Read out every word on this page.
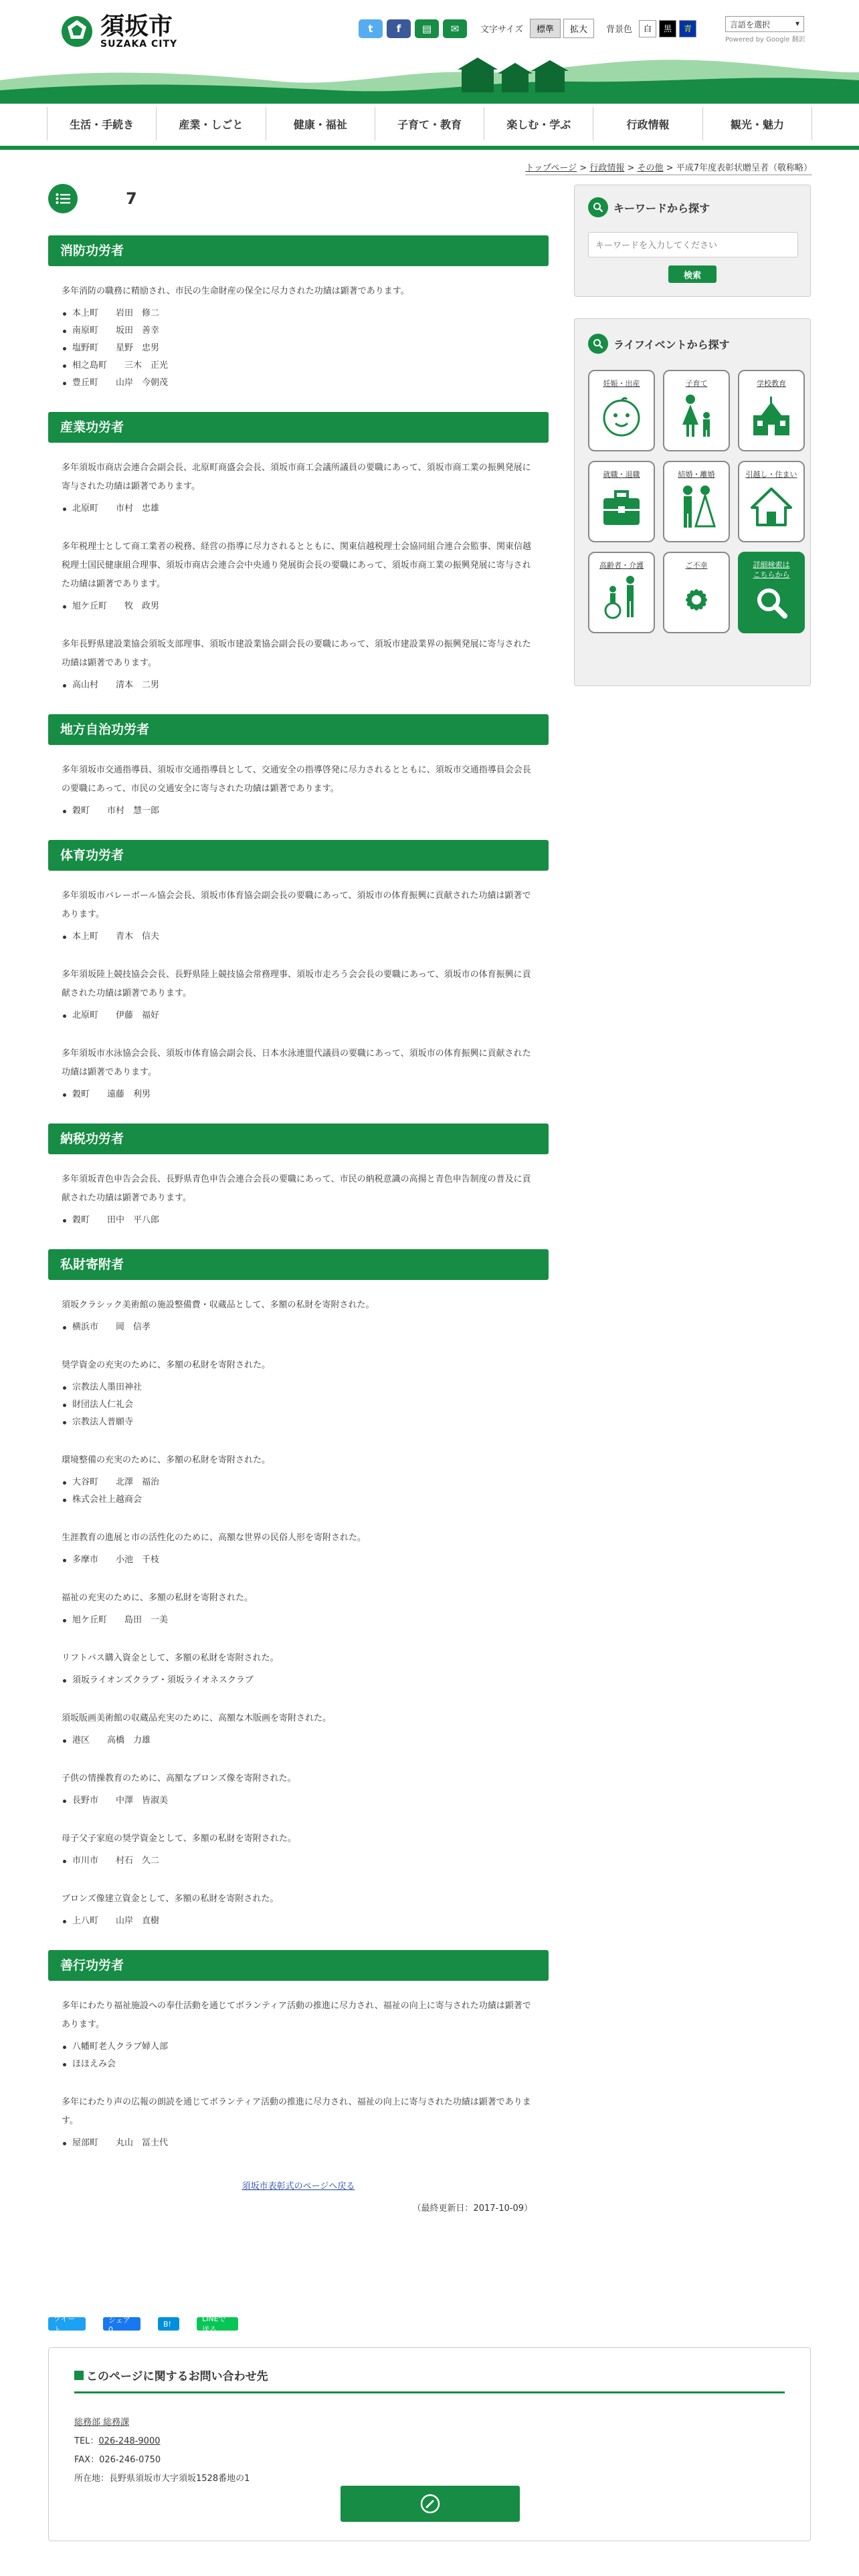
須坂市
SUZAKA CITY
t	f	▤	✉	文字サイズ	標準	拡大	背景色	白	黒	青	言語を選択	▾
Powered by Google 翻訳
生活・手続き	産業・しごと	健康・福祉	子育て・教育	楽しむ・学ぶ	行政情報	観光・魅力
トップページ > 行政情報 > その他 > 平成7年度表彰状贈呈者（敬称略）
7
消防功労者

多年消防の職務に精励され、市民の生命財産の保全に尽力された功績は顕著であります。

本上町　　岩田　修二
南原町　　坂田　善幸
塩野町　　星野　忠男
相之島町　　三木　正光
豊丘町　　山岸　今朝茂
産業功労者

多年須坂市商店会連合会副会長、北原町商盛会会長、須坂市商工会議所議員の要職にあって、須坂市商工業の振興発展に寄与された功績は顕著であります。

北原町　　市村　忠雄

多年税理士として商工業者の税務、経営の指導に尽力されるとともに、関東信越税理士会協同組合連合会監事、関東信越税理士国民健康組合理事、須坂市商店会連合会中央通り発展街会長の要職にあって、須坂市商工業の振興発展に寄与された功績は顕著であります。

旭ケ丘町　　牧　政男

多年長野県建設業協会須坂支部理事、須坂市建設業協会副会長の要職にあって、須坂市建設業界の振興発展に寄与された功績は顕著であります。

高山村　　清本　二男
地方自治功労者

多年須坂市交通指導員、須坂市交通指導員として、交通安全の指導啓発に尽力されるとともに、須坂市交通指導員会会長の要職にあって、市民の交通安全に寄与された功績は顕著であります。

穀町　　市村　慧一郎
体育功労者

多年須坂市バレーボール協会会長、須坂市体育協会副会長の要職にあって、須坂市の体育振興に貢献された功績は顕著であります。

本上町　　青木　信夫

多年須坂陸上競技協会会長、長野県陸上競技協会常務理事、須坂市走ろう会会長の要職にあって、須坂市の体育振興に貢献された功績は顕著であります。

北原町　　伊藤　福好

多年須坂市水泳協会会長、須坂市体育協会副会長、日本水泳連盟代議員の要職にあって、須坂市の体育振興に貢献された功績は顕著であります。

穀町　　遠藤　利男
納税功労者

多年須坂青色申告会会長、長野県青色申告会連合会長の要職にあって、市民の納税意識の高揚と青色申告制度の普及に貢献された功績は顕著であります。

穀町　　田中　平八郎
私財寄附者

須坂クラシック美術館の施設整備費・収蔵品として、多額の私財を寄附された。

横浜市　　岡　信孝

奨学資金の充実のために、多額の私財を寄附された。

宗教法人墨田神社
財団法人仁礼会
宗教法人普願寺

環境整備の充実のために、多額の私財を寄附された。

大谷町　　北澤　福治
株式会社上越商会

生涯教育の進展と市の活性化のために、高額な世界の民俗人形を寄附された。

多摩市　　小池　千枝

福祉の充実のために、多額の私財を寄附された。

旭ケ丘町　　島田　一美

リフトバス購入資金として、多額の私財を寄附された。

須坂ライオンズクラブ・須坂ライオネスクラブ

須坂版画美術館の収蔵品充実のために、高額な木版画を寄附された。

港区　　高橋　力雄

子供の情操教育のために、高額なブロンズ像を寄附された。

長野市　　中澤　皆淑美

母子父子家庭の奨学資金として、多額の私財を寄附された。

市川市　　村石　久二

ブロンズ像建立資金として、多額の私財を寄附された。

上八町　　山岸　直樹
善行功労者

多年にわたり福祉施設への奉仕活動を通じてボランティア活動の推進に尽力され、福祉の向上に寄与された功績は顕著であります。

八幡町老人クラブ婦人部
ほほえみ会

多年にわたり声の広報の朗読を通じてボランティア活動の推進に尽力され、福祉の向上に寄与された功績は顕著であります。

屋部町　　丸山　冨士代
須坂市表彰式のページへ戻る
（最終更新日：2017-10-09）
キーワードから探す
キーワードを入力してください
検索
ライフイベントから探す
妊娠・出産	子育て	学校教育
就職・退職	結婚・離婚	引越し・住まい
高齢者・介護	ご不幸	詳細検索は
こちらから
ツイート
シェア 0
B!
LINEで送る
このページに関するお問い合わせ先
総務部 総務課
TEL：026-248-9000
FAX：026-246-0750
所在地：長野県須坂市大字須坂1528番地の1
